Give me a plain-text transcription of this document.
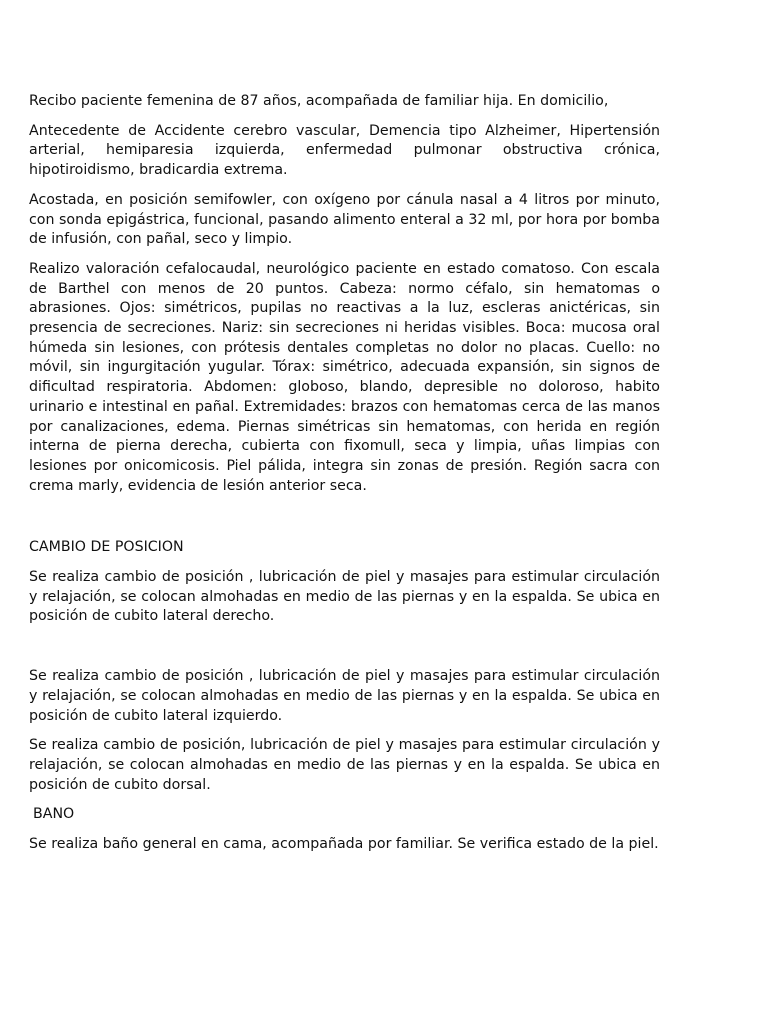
Recibo paciente femenina de 87 años, acompañada de familiar hija. En domicilio,

Antecedente de Accidente cerebro vascular, Demencia tipo Alzheimer, Hipertensión arterial, hemiparesia izquierda, enfermedad pulmonar obstructiva crónica, hipotiroidismo, bradicardia extrema.

Acostada, en posición semifowler, con oxígeno por cánula nasal a 4 litros por minuto, con sonda epigástrica, funcional, pasando alimento enteral a 32 ml, por hora por bomba de infusión, con pañal, seco y limpio.

Realizo valoración cefalocaudal, neurológico paciente en estado comatoso. Con escala de Barthel con menos de 20 puntos. Cabeza: normo céfalo, sin hematomas o abrasiones. Ojos: simétricos, pupilas no reactivas a la luz, escleras anictéricas, sin presencia de secreciones. Nariz: sin secreciones ni heridas visibles. Boca: mucosa oral húmeda sin lesiones, con prótesis dentales completas no dolor no placas. Cuello: no móvil, sin ingurgitación yugular. Tórax: simétrico, adecuada expansión, sin signos de dificultad respiratoria. Abdomen: globoso, blando, depresible no doloroso, habito urinario e intestinal en pañal. Extremidades: brazos con hematomas cerca de las manos por canalizaciones, edema. Piernas simétricas sin hematomas, con herida en región interna de pierna derecha, cubierta con fixomull, seca y limpia, uñas limpias con lesiones por onicomicosis. Piel pálida, integra sin zonas de presión. Región sacra con crema marly, evidencia de lesión anterior seca.

CAMBIO DE POSICION

Se realiza cambio de posición , lubricación de piel y masajes para estimular circulación y relajación, se colocan almohadas en medio de las piernas y en la espalda. Se ubica en posición de cubito lateral derecho.

Se realiza cambio de posición , lubricación de piel y masajes para estimular circulación y relajación, se colocan almohadas en medio de las piernas y en la espalda. Se ubica en posición de cubito lateral izquierdo.

Se realiza cambio de posición, lubricación de piel y masajes para estimular circulación y relajación, se colocan almohadas en medio de las piernas y en la espalda. Se ubica en posición de cubito dorsal.

BANO

Se realiza baño general en cama, acompañada por familiar. Se verifica estado de la piel.
